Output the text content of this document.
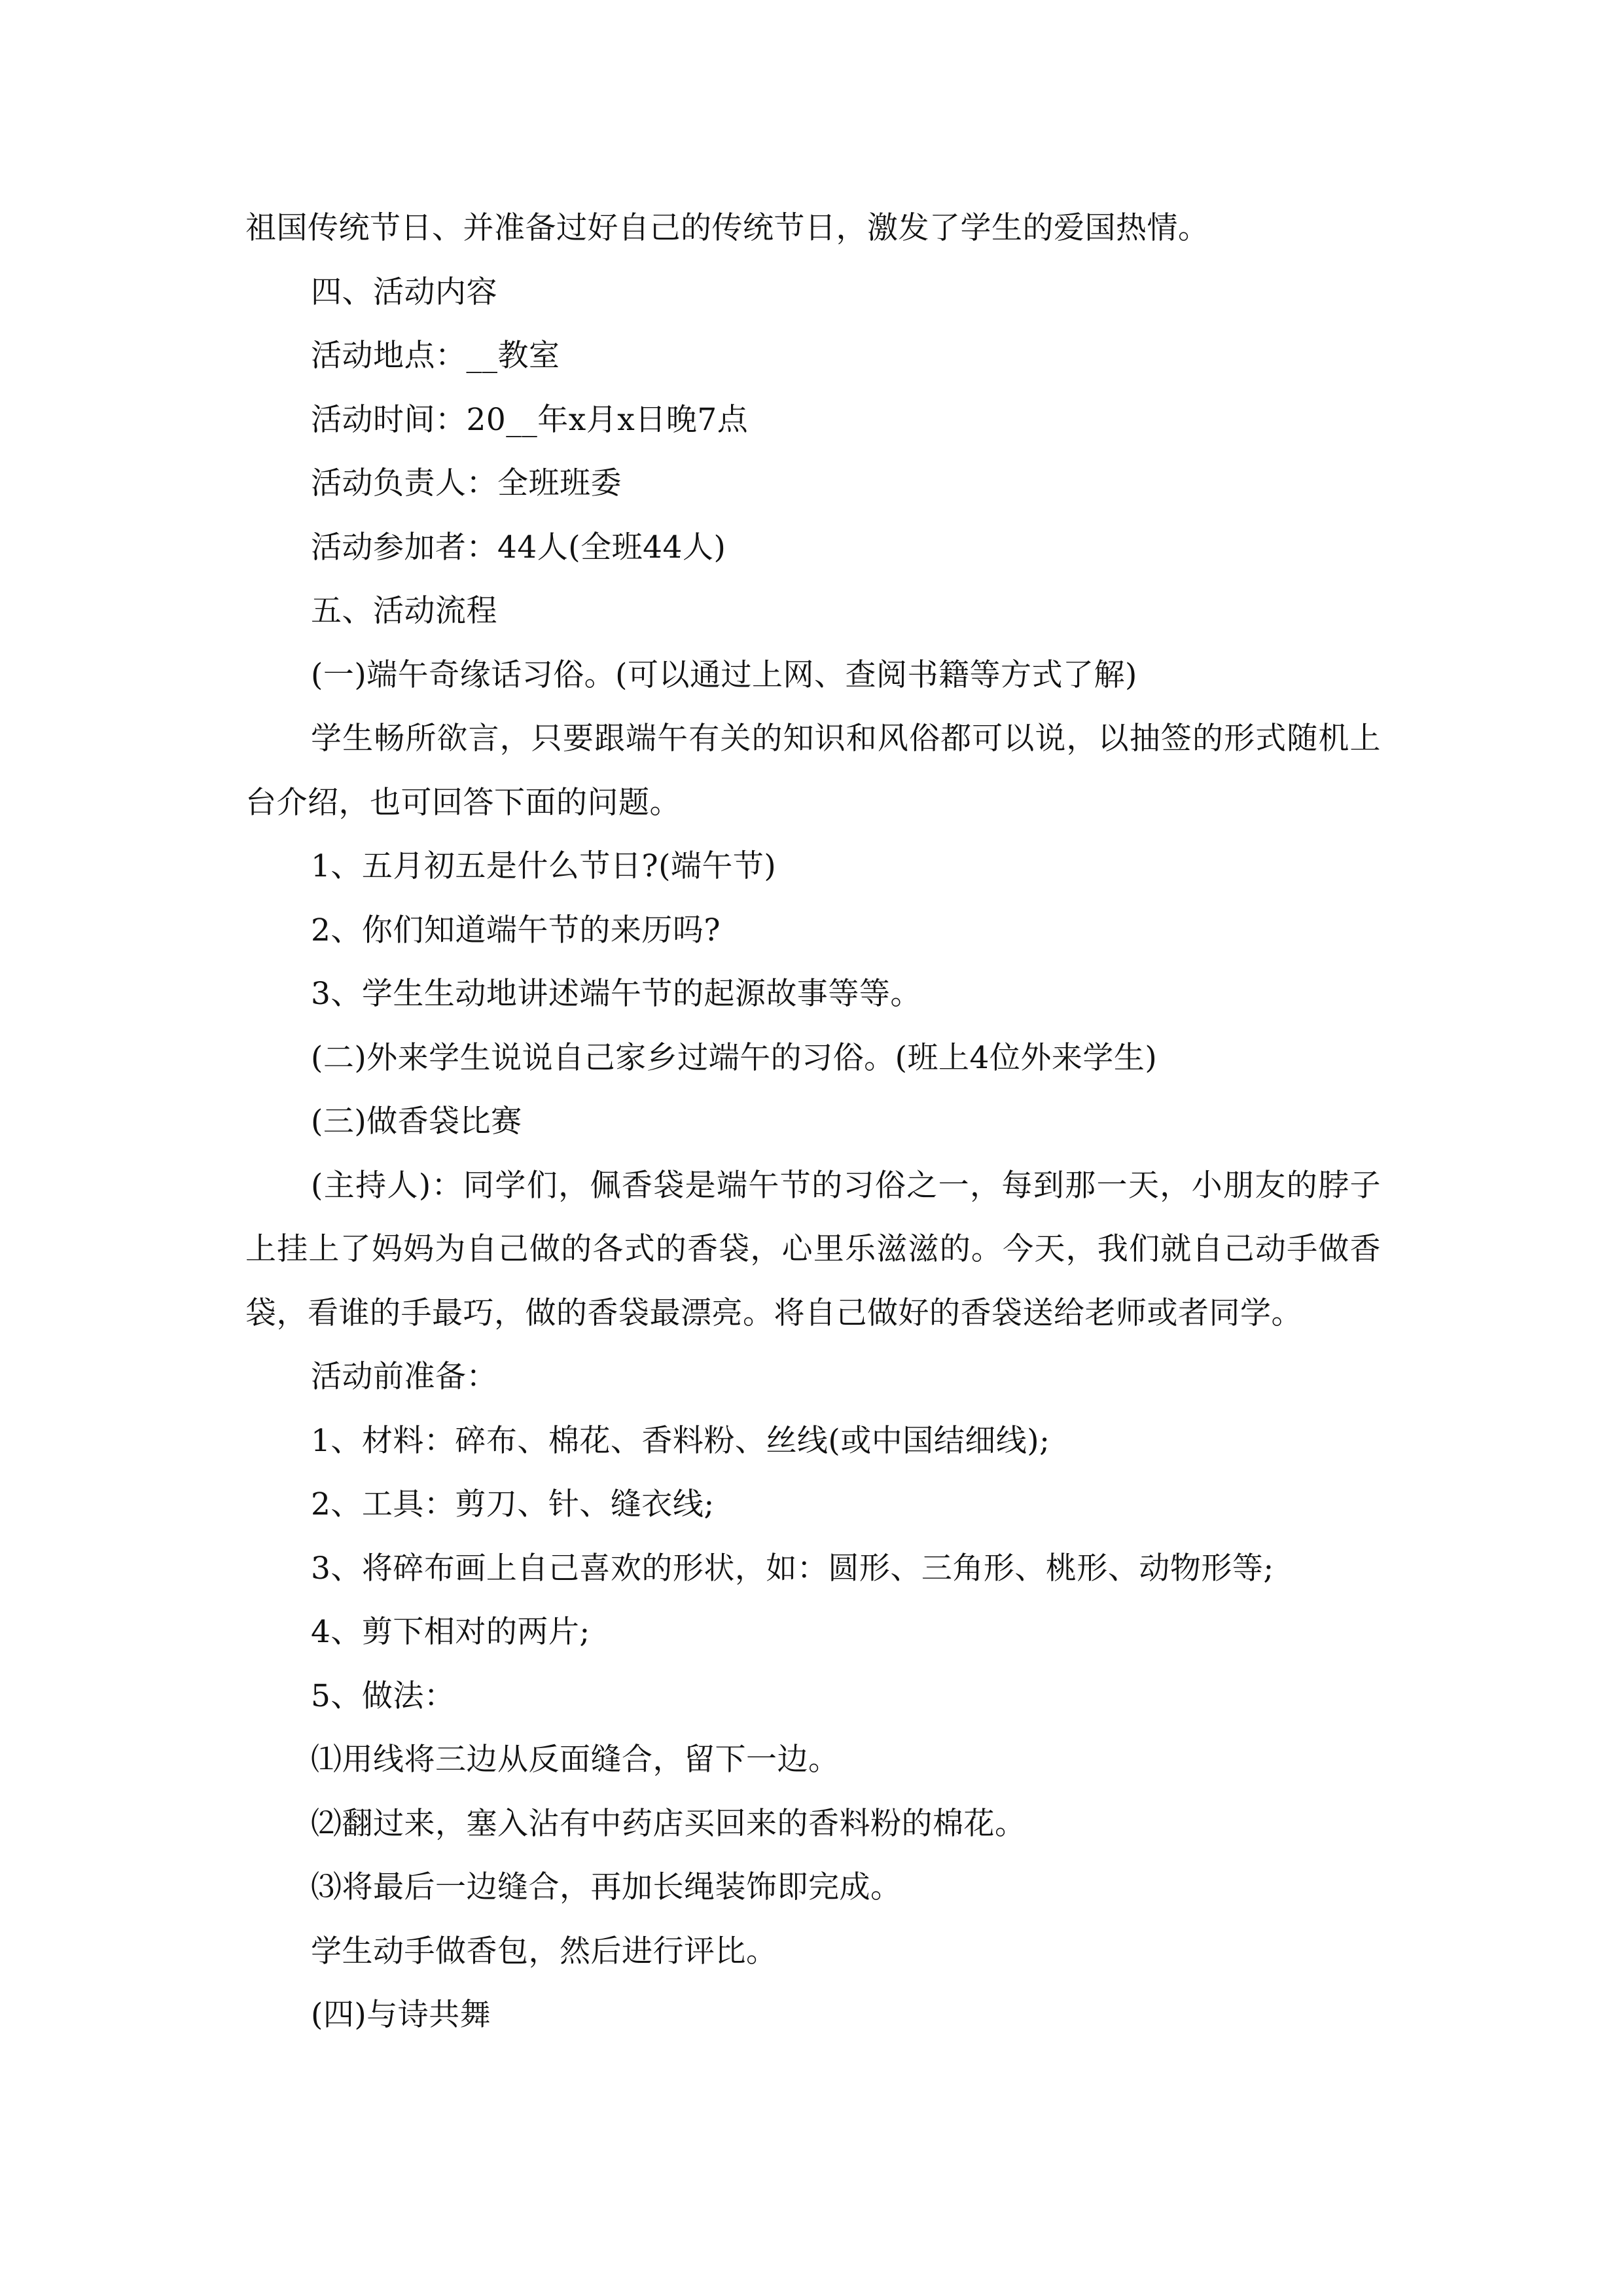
祖国传统节日、并准备过好自己的传统节日，激发了学生的爱国热情。

四、活动内容

活动地点：__教室

活动时间：20__年x月x日晚7点

活动负责人：全班班委

活动参加者：44人(全班44人)

五、活动流程

(一)端午奇缘话习俗。(可以通过上网、查阅书籍等方式了解)

学生畅所欲言，只要跟端午有关的知识和风俗都可以说，以抽签的形式随机上台介绍，也可回答下面的问题。

1、五月初五是什么节日?(端午节)

2、你们知道端午节的来历吗?

3、学生生动地讲述端午节的起源故事等等。

(二)外来学生说说自己家乡过端午的习俗。(班上4位外来学生)

(三)做香袋比赛

(主持人)：同学们，佩香袋是端午节的习俗之一，每到那一天，小朋友的脖子上挂上了妈妈为自己做的各式的香袋，心里乐滋滋的。今天，我们就自己动手做香袋，看谁的手最巧，做的香袋最漂亮。将自己做好的香袋送给老师或者同学。

活动前准备：

1、材料：碎布、棉花、香料粉、丝线(或中国结细线);

2、工具：剪刀、针、缝衣线;

3、将碎布画上自己喜欢的形状，如：圆形、三角形、桃形、动物形等;

4、剪下相对的两片;

5、做法：

⑴用线将三边从反面缝合，留下一边。

⑵翻过来，塞入沾有中药店买回来的香料粉的棉花。

⑶将最后一边缝合，再加长绳装饰即完成。

学生动手做香包，然后进行评比。

(四)与诗共舞
